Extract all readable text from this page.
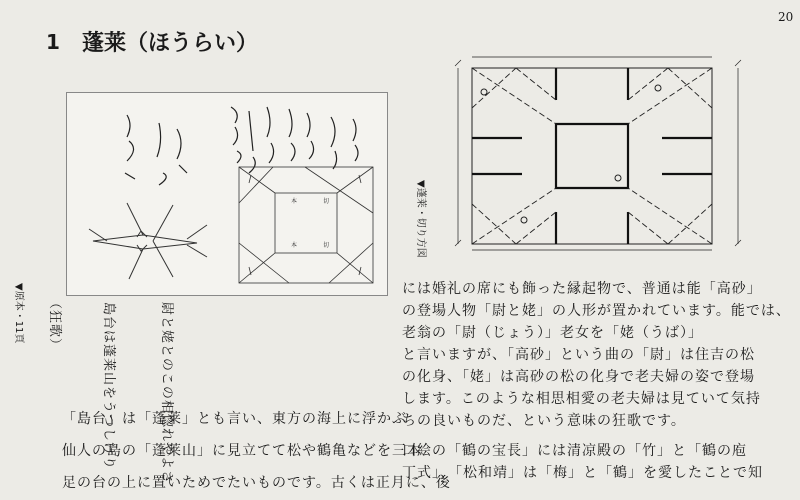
20
1 蓬莱（ほうらい）
本	切
本	切
▼原本・11頁
▼蓬莱・切り方図
（狂歌）	島台は蓬莱山をうつしけり	尉と姥とのこの相惚れやよさ
「島台」は「蓬莱」とも言い、東方の海上に浮かぶ
仙人の島の「蓬莱山」に見立てて松や鶴亀などを三本
足の台の上に置いためでたいものです。古くは正月に、後
には婚礼の席にも飾った縁起物で、普通は能「高砂」
の登場人物「尉と姥」の人形が置かれています。能では、
老翁の「尉（じょう）」老女を「姥（うば）」
と言いますが、「高砂」という曲の「尉」は住吉の松
の化身、「姥」は高砂の松の化身で老夫婦の姿で登場
します。このような相思相愛の老夫婦は見ていて気持
ちの良いものだ、という意味の狂歌です。
口絵の「鶴の宝長」には清凉殿の「竹」と「鶴の庖
丁式」、「松和靖」は「梅」と「鶴」を愛したことで知
